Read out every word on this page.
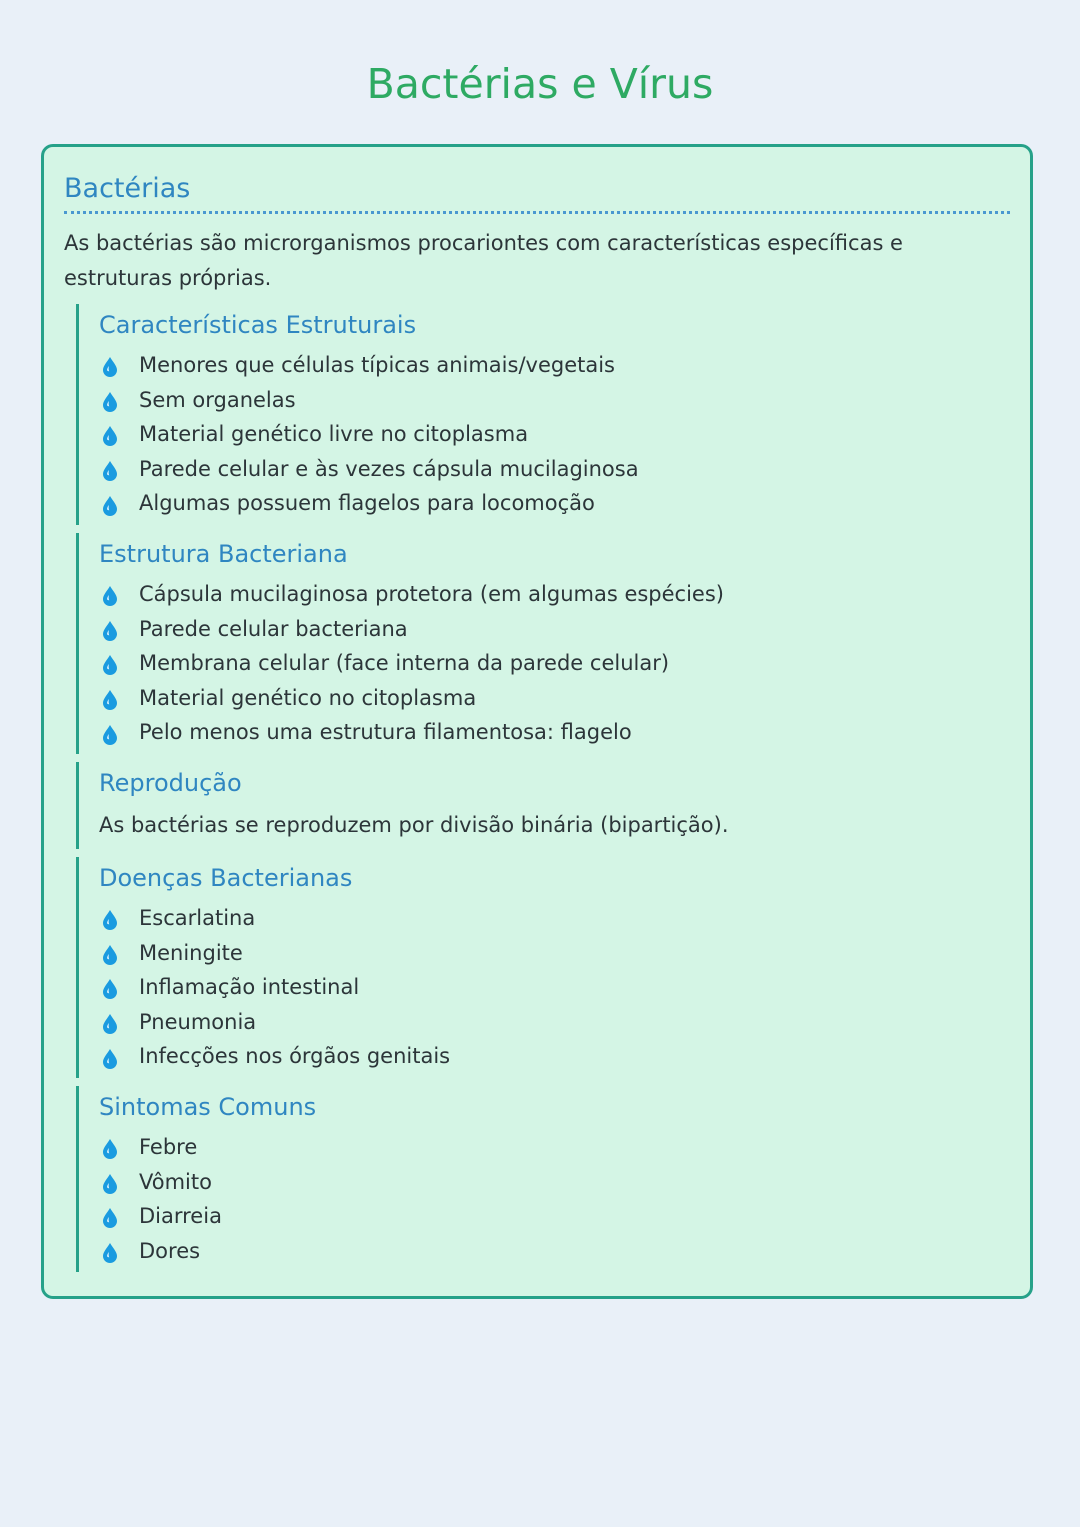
Bactérias e Vírus
Bactérias

As bactérias são microrganismos procariontes com características específicas e estruturas próprias.

Características Estruturais
Menores que células típicas animais/vegetais
Sem organelas
Material genético livre no citoplasma
Parede celular e às vezes cápsula mucilaginosa
Algumas possuem flagelos para locomoção
Estrutura Bacteriana
Cápsula mucilaginosa protetora (em algumas espécies)
Parede celular bacteriana
Membrana celular (face interna da parede celular)
Material genético no citoplasma
Pelo menos uma estrutura filamentosa: flagelo
Reprodução

As bactérias se reproduzem por divisão binária (bipartição).

Doenças Bacterianas
Escarlatina
Meningite
Inflamação intestinal
Pneumonia
Infecções nos órgãos genitais
Sintomas Comuns
Febre
Vômito
Diarreia
Dores
